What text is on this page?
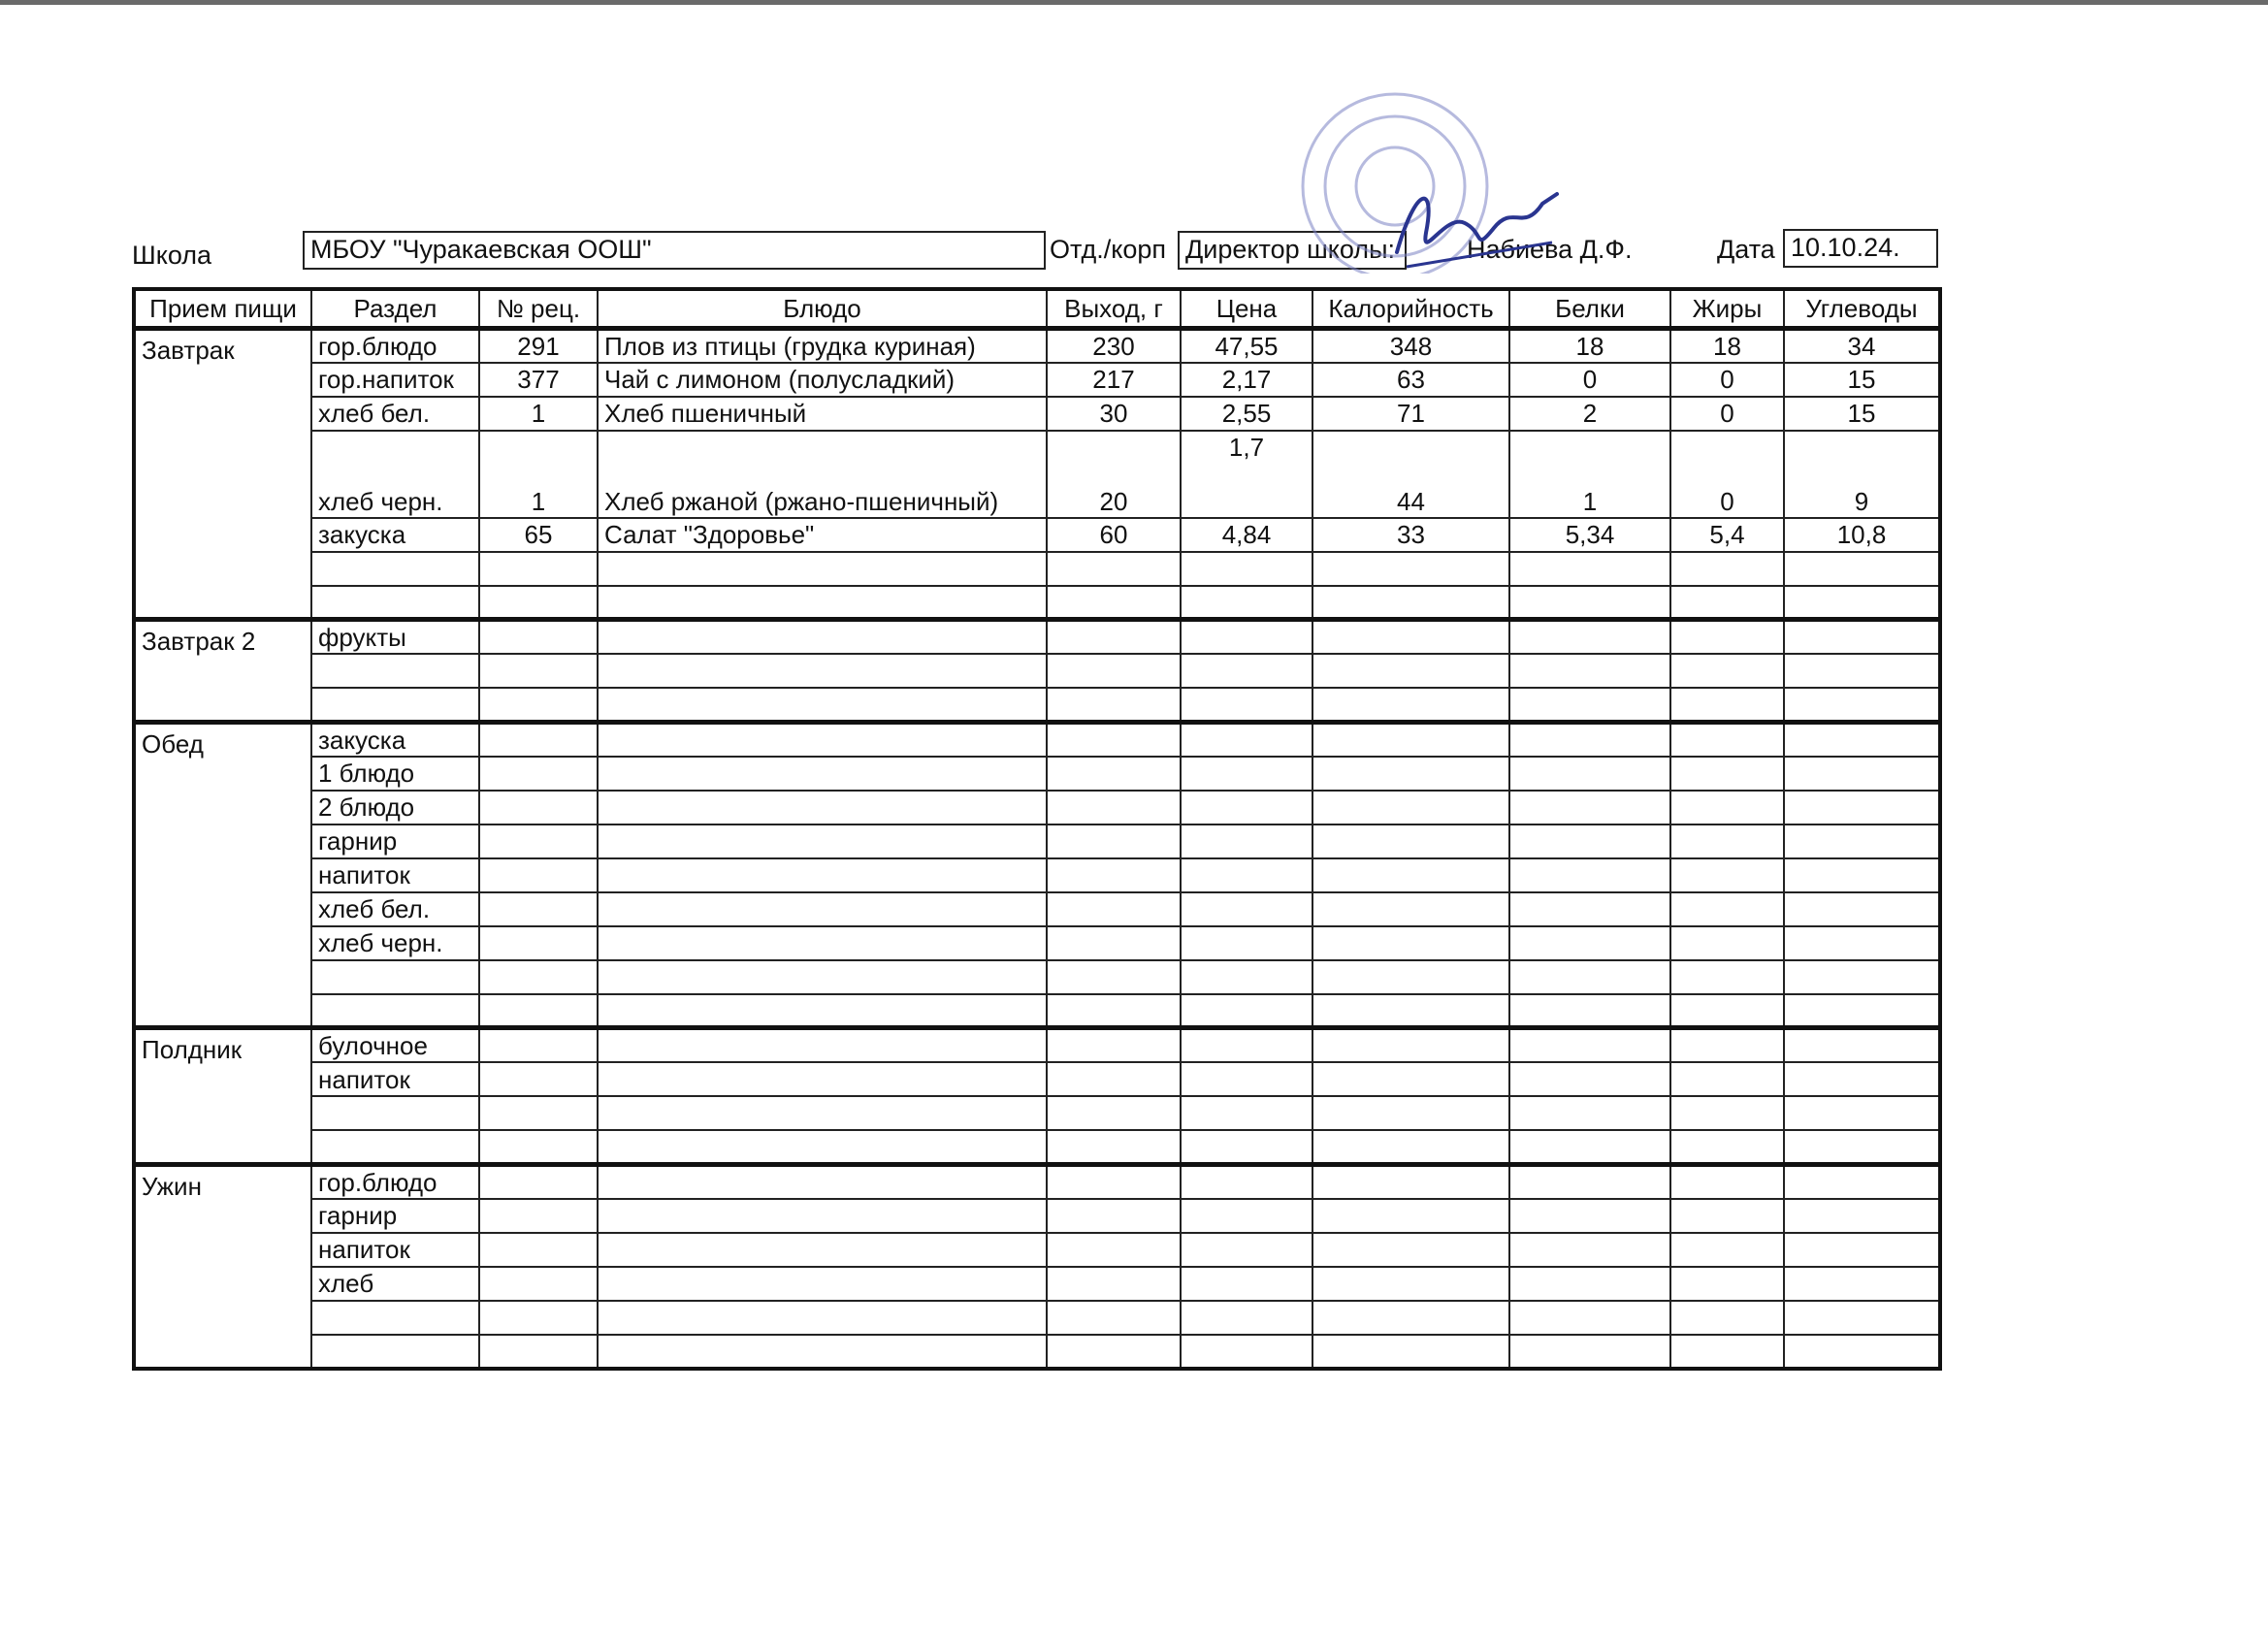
Школа	МБОУ "Чуракаевская ООШ"	Отд./корп Директор школы:	Набиева Д.Ф.	Дата 10.10.24.
Прием пищи	Раздел	№ рец.	Блюдо	Выход, г	Цена	Калорийность	Белки	Жиры	Углеводы
Завтрак	гор.блюдо	291	Плов из птицы (грудка куриная)	230	47,55	348	18	18	34
	гор.напиток	377	Чай с лимоном (полусладкий)	217	2,17	63	0	0	15
	хлеб бел.	1	Хлеб пшеничный	30	2,55	71	2	0	15
	хлеб черн.	1	Хлеб ржаной (ржано-пшеничный)	20	1,7	44	1	0	9
	закуска	65	Салат "Здоровье"	60	4,84	33	5,34	5,4	10,8

Завтрак 2	фрукты								

Обед	закуска								
	1 блюдо								
	2 блюдо								
	гарнир								
	напиток								
	хлеб бел.								
	хлеб черн.								

Полдник	булочное								
	напиток								

Ужин	гор.блюдо								
	гарнир								
	напиток								
	хлеб								
